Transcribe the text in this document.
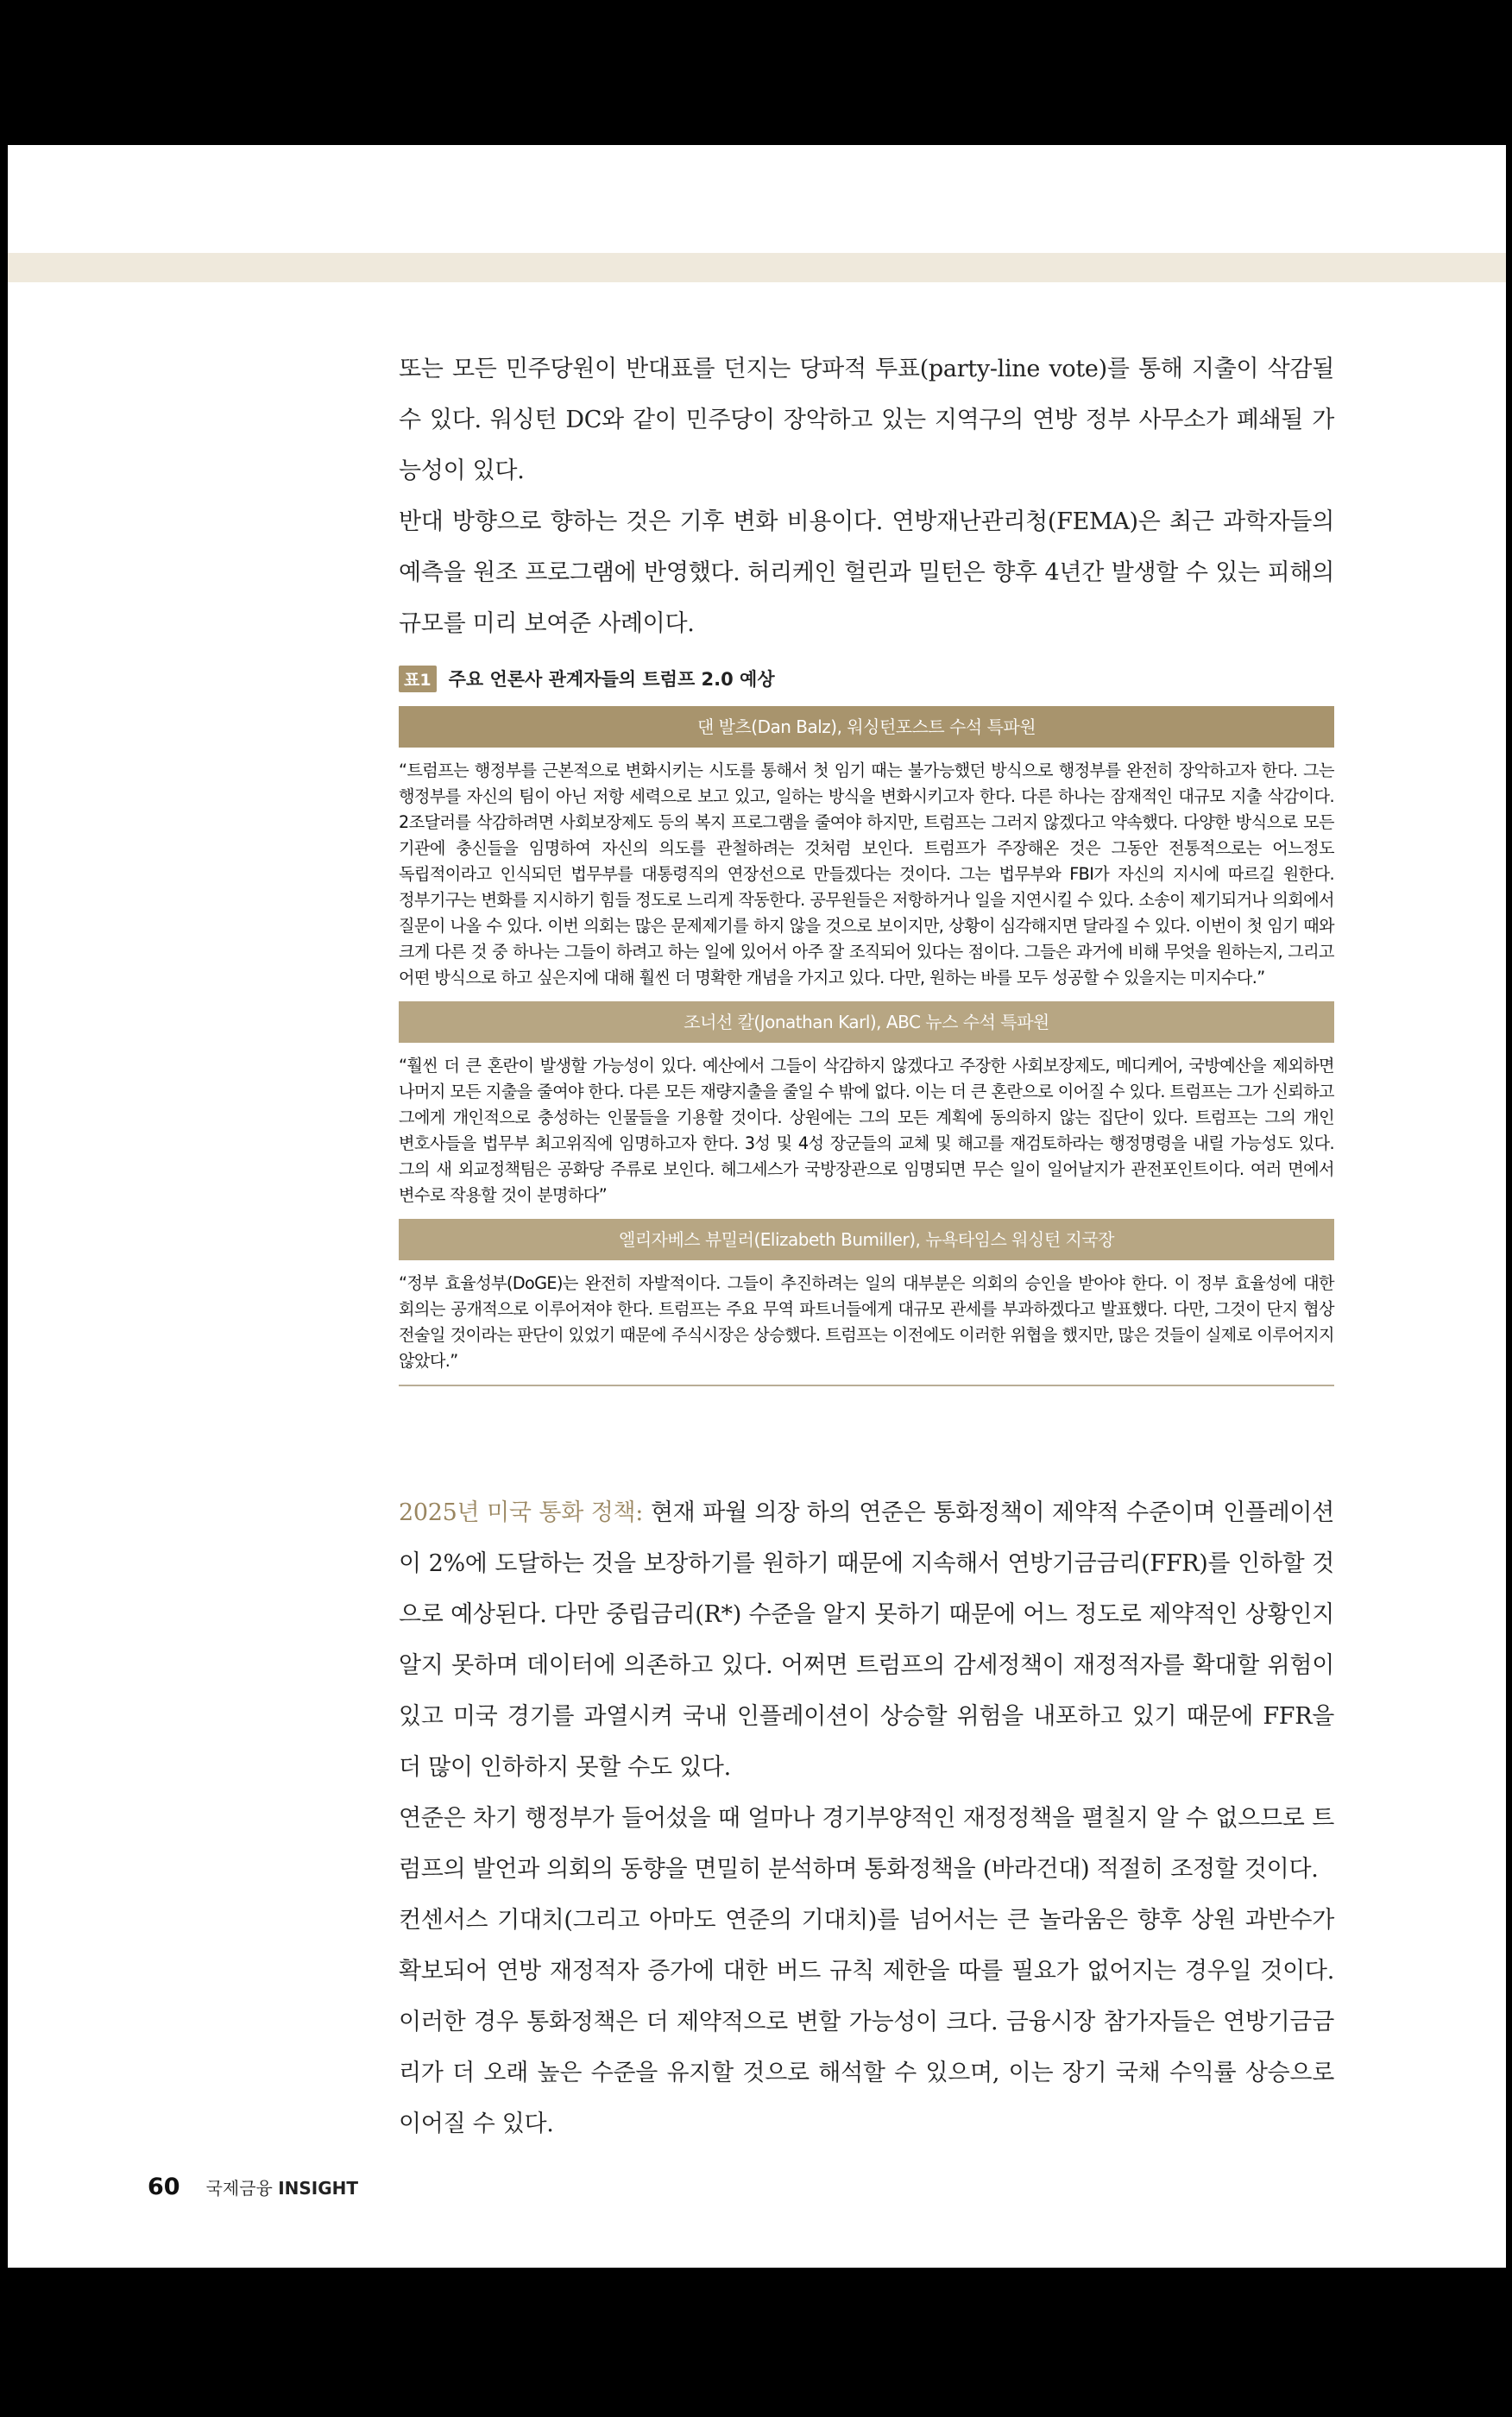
또는 모든 민주당원이 반대표를 던지는 당파적 투표(party-line vote)를 통해 지출이 삭감될 수 있다. 워싱턴 DC와 같이 민주당이 장악하고 있는 지역구의 연방 정부 사무소가 폐쇄될 가능성이 있다.

반대 방향으로 향하는 것은 기후 변화 비용이다. 연방재난관리청(FEMA)은 최근 과학자들의 예측을 원조 프로그램에 반영했다. 허리케인 헐린과 밀턴은 향후 4년간 발생할 수 있는 피해의 규모를 미리 보여준 사례이다.

표1 주요 언론사 관계자들의 트럼프 2.0 예상
댄 발츠(Dan Balz), 워싱턴포스트 수석 특파원
“트럼프는 행정부를 근본적으로 변화시키는 시도를 통해서 첫 임기 때는 불가능했던 방식으로 행정부를 완전히 장악하고자 한다. 그는 행정부를 자신의 팀이 아닌 저항 세력으로 보고 있고, 일하는 방식을 변화시키고자 한다. 다른 하나는 잠재적인 대규모 지출 삭감이다. 2조달러를 삭감하려면 사회보장제도 등의 복지 프로그램을 줄여야 하지만, 트럼프는 그러지 않겠다고 약속했다. 다양한 방식으로 모든 기관에 충신들을 임명하여 자신의 의도를 관철하려는 것처럼 보인다. 트럼프가 주장해온 것은 그동안 전통적으로는 어느정도 독립적이라고 인식되던 법무부를 대통령직의 연장선으로 만들겠다는 것이다. 그는 법무부와 FBI가 자신의 지시에 따르길 원한다. 정부기구는 변화를 지시하기 힘들 정도로 느리게 작동한다. 공무원들은 저항하거나 일을 지연시킬 수 있다. 소송이 제기되거나 의회에서 질문이 나올 수 있다. 이번 의회는 많은 문제제기를 하지 않을 것으로 보이지만, 상황이 심각해지면 달라질 수 있다. 이번이 첫 임기 때와 크게 다른 것 중 하나는 그들이 하려고 하는 일에 있어서 아주 잘 조직되어 있다는 점이다. 그들은 과거에 비해 무엇을 원하는지, 그리고 어떤 방식으로 하고 싶은지에 대해 훨씬 더 명확한 개념을 가지고 있다. 다만, 원하는 바를 모두 성공할 수 있을지는 미지수다.”
조너선 칼(Jonathan Karl), ABC 뉴스 수석 특파원
“훨씬 더 큰 혼란이 발생할 가능성이 있다. 예산에서 그들이 삭감하지 않겠다고 주장한 사회보장제도, 메디케어, 국방예산을 제외하면 나머지 모든 지출을 줄여야 한다. 다른 모든 재량지출을 줄일 수 밖에 없다. 이는 더 큰 혼란으로 이어질 수 있다. 트럼프는 그가 신뢰하고 그에게 개인적으로 충성하는 인물들을 기용할 것이다. 상원에는 그의 모든 계획에 동의하지 않는 집단이 있다. 트럼프는 그의 개인 변호사들을 법무부 최고위직에 임명하고자 한다. 3성 및 4성 장군들의 교체 및 해고를 재검토하라는 행정명령을 내릴 가능성도 있다. 그의 새 외교정책팀은 공화당 주류로 보인다. 헤그세스가 국방장관으로 임명되면 무슨 일이 일어날지가 관전포인트이다. 여러 면에서 변수로 작용할 것이 분명하다”
엘리자베스 뷰밀러(Elizabeth Bumiller), 뉴욕타임스 워싱턴 지국장
“정부 효율성부(DoGE)는 완전히 자발적이다. 그들이 추진하려는 일의 대부분은 의회의 승인을 받아야 한다. 이 정부 효율성에 대한 회의는 공개적으로 이루어져야 한다. 트럼프는 주요 무역 파트너들에게 대규모 관세를 부과하겠다고 발표했다. 다만, 그것이 단지 협상 전술일 것이라는 판단이 있었기 때문에 주식시장은 상승했다. 트럼프는 이전에도 이러한 위협을 했지만, 많은 것들이 실제로 이루어지지 않았다.”

2025년 미국 통화 정책: 현재 파월 의장 하의 연준은 통화정책이 제약적 수준이며 인플레이션이 2%에 도달하는 것을 보장하기를 원하기 때문에 지속해서 연방기금금리(FFR)를 인하할 것으로 예상된다. 다만 중립금리(R*) 수준을 알지 못하기 때문에 어느 정도로 제약적인 상황인지 알지 못하며 데이터에 의존하고 있다. 어쩌면 트럼프의 감세정책이 재정적자를 확대할 위험이 있고 미국 경기를 과열시켜 국내 인플레이션이 상승할 위험을 내포하고 있기 때문에 FFR을 더 많이 인하하지 못할 수도 있다.

연준은 차기 행정부가 들어섰을 때 얼마나 경기부양적인 재정정책을 펼칠지 알 수 없으므로 트럼프의 발언과 의회의 동향을 면밀히 분석하며 통화정책을 (바라건대) 적절히 조정할 것이다.

컨센서스 기대치(그리고 아마도 연준의 기대치)를 넘어서는 큰 놀라움은 향후 상원 과반수가 확보되어 연방 재정적자 증가에 대한 버드 규칙 제한을 따를 필요가 없어지는 경우일 것이다. 이러한 경우 통화정책은 더 제약적으로 변할 가능성이 크다. 금융시장 참가자들은 연방기금금리가 더 오래 높은 수준을 유지할 것으로 해석할 수 있으며, 이는 장기 국채 수익률 상승으로 이어질 수 있다.

60 국제금융 INSIGHT
